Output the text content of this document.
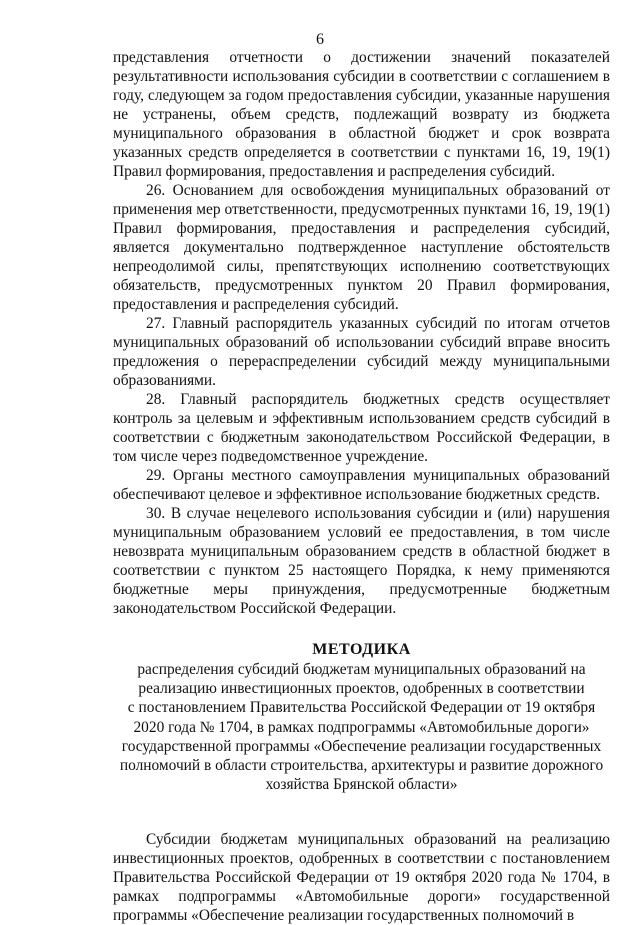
6

представления отчетности о достижении значений показателей результативности использования субсидии в соответствии с соглашением в году, следующем за годом предоставления субсидии, указанные нарушения не устранены, объем средств, подлежащий возврату из бюджета муниципального образования в областной бюджет и срок возврата указанных средств определяется в соответствии с пунктами 16, 19, 19(1) Правил формирования, предоставления и распределения субсидий.

26. Основанием для освобождения муниципальных образований от применения мер ответственности, предусмотренных пунктами 16, 19, 19(1) Правил формирования, предоставления и распределения субсидий, является документально подтвержденное наступление обстоятельств непреодолимой силы, препятствующих исполнению соответствующих обязательств, предусмотренных пунктом 20 Правил формирования, предоставления и распределения субсидий.

27. Главный распорядитель указанных субсидий по итогам отчетов муниципальных образований об использовании субсидий вправе вносить предложения о перераспределении субсидий между муниципальными образованиями.

28. Главный распорядитель бюджетных средств осуществляет контроль за целевым и эффективным использованием средств субсидий в соответствии с бюджетным законодательством Российской Федерации, в том числе через подведомственное учреждение.

29. Органы местного самоуправления муниципальных образований обеспечивают целевое и эффективное использование бюджетных средств.

30. В случае нецелевого использования субсидии и (или) нарушения муниципальным образованием условий ее предоставления, в том числе невозврата муниципальным образованием средств в областной бюджет в соответствии с пунктом 25 настоящего Порядка, к нему применяются бюджетные меры принуждения, предусмотренные бюджетным законодательством Российской Федерации.

МЕТОДИКА
распределения субсидий бюджетам муниципальных образований на
реализацию инвестиционных проектов, одобренных в соответствии
с постановлением Правительства Российской Федерации от 19 октября
2020 года № 1704, в рамках подпрограммы «Автомобильные дороги»
государственной программы «Обеспечение реализации государственных
полномочий в области строительства, архитектуры и развитие дорожного
хозяйства Брянской области»

Субсидии бюджетам муниципальных образований на реализацию инвестиционных проектов, одобренных в соответствии с постановлением Правительства Российской Федерации от 19 октября 2020 года № 1704, в рамках подпрограммы «Автомобильные дороги» государственной программы «Обеспечение реализации государственных полномочий в
